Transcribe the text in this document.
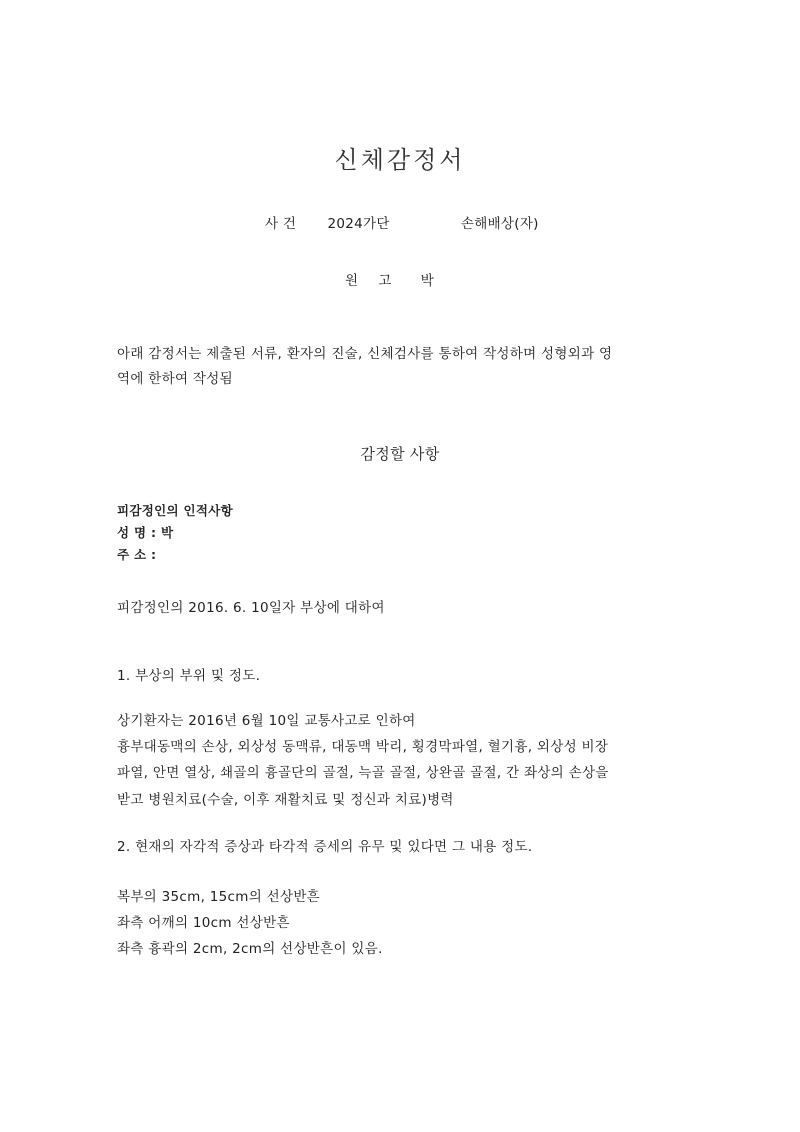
신체감정서
사 건 2024가단	손해배상(자)
원 고 박
아래 감정서는 제출된 서류, 환자의 진술, 신체검사를 통하여 작성하며 성형외과 영
역에 한하여 작성됨
감정할 사항
피감정인의 인적사항
성 명 : 박
주 소 :
피감정인의 2016. 6. 10일자 부상에 대하여
1. 부상의 부위 및 정도.
상기환자는 2016년 6월 10일 교통사고로 인하여
흉부대동맥의 손상, 외상성 동맥류, 대동맥 박리, 횡경막파열, 혈기흉, 외상성 비장
파열, 안면 열상, 쇄골의 흉골단의 골절, 늑골 골절, 상완골 골절, 간 좌상의 손상을
받고 병원치료(수술, 이후 재활치료 및 정신과 치료)병력
2. 현재의 자각적 증상과 타각적 증세의 유무 및 있다면 그 내용 정도.
복부의 35cm, 15cm의 선상반흔
좌측 어깨의 10cm 선상반흔
좌측 흉곽의 2cm, 2cm의 선상반흔이 있음.
